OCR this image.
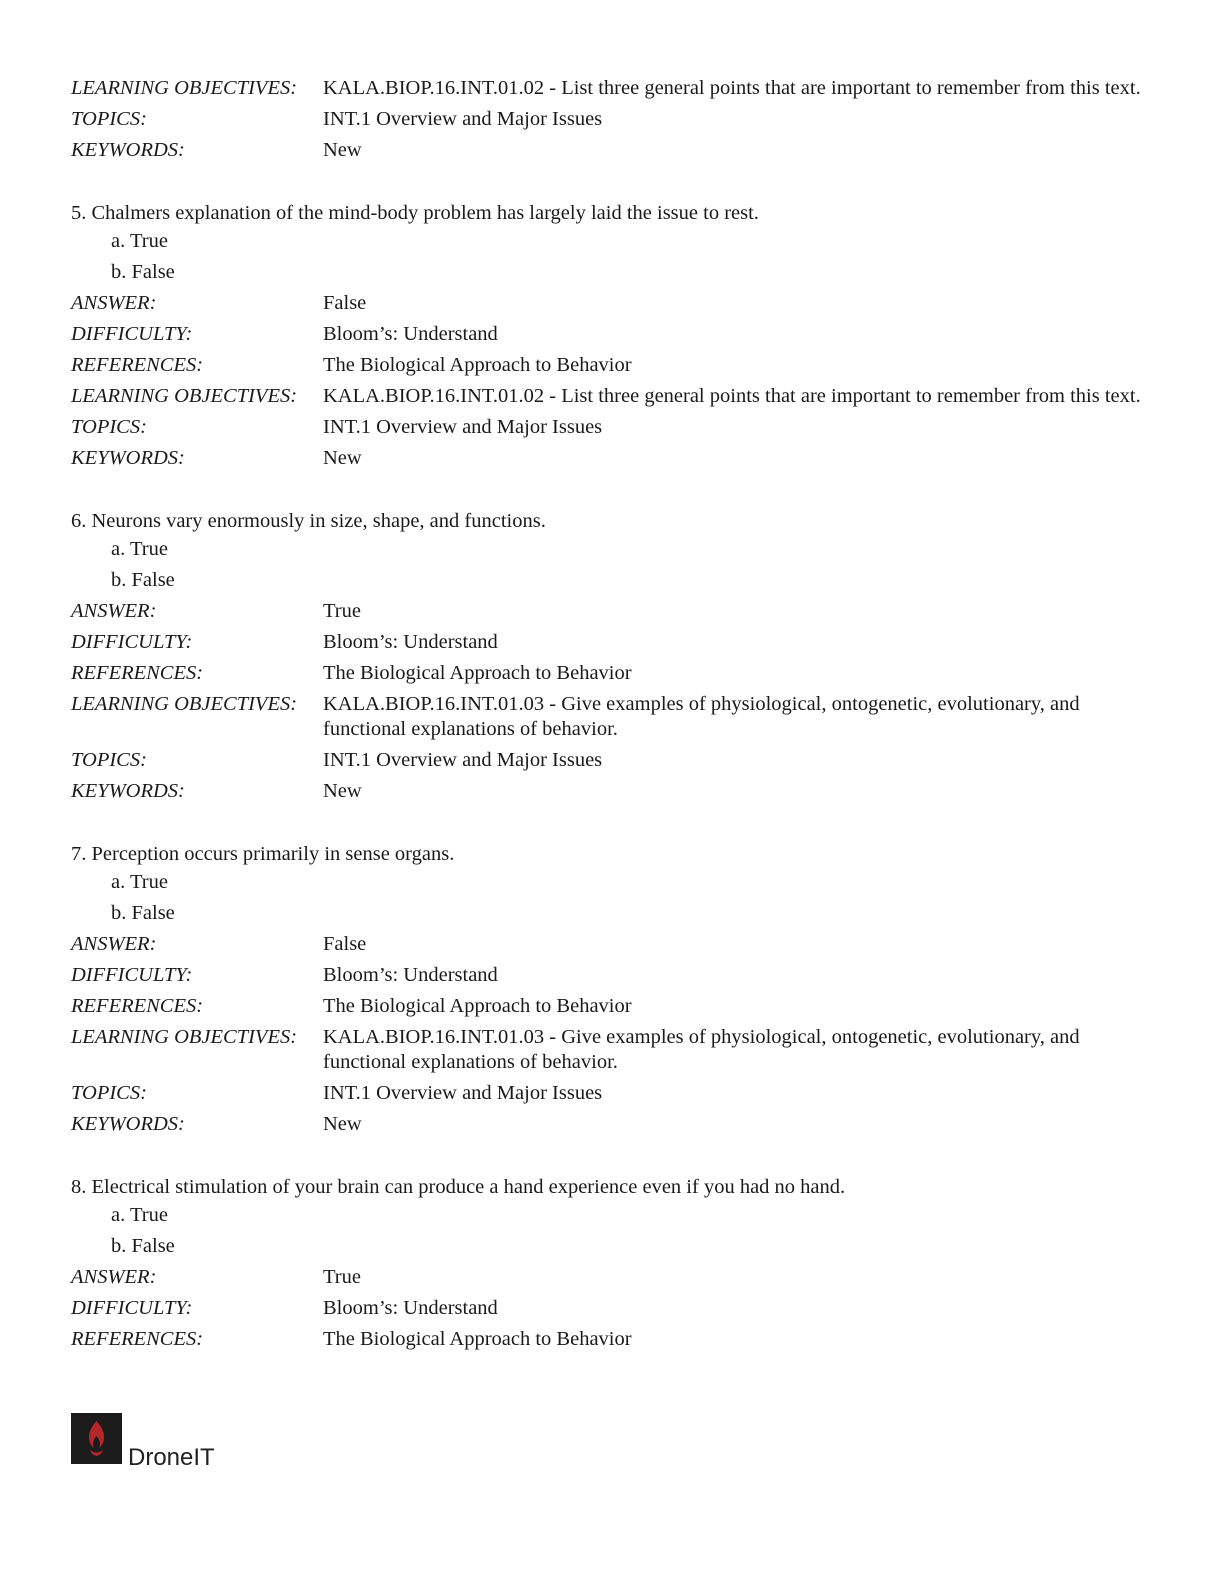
LEARNING OBJECTIVES:	KALA.BIOP.16.INT.01.02 - List three general points that are important to remember from this text.
TOPICS:	INT.1 Overview and Major Issues
KEYWORDS:	New
5. Chalmers explanation of the mind-body problem has largely laid the issue to rest.
a. True
b. False
ANSWER:	False
DIFFICULTY:	Bloom’s: Understand
REFERENCES:	The Biological Approach to Behavior
LEARNING OBJECTIVES:	KALA.BIOP.16.INT.01.02 - List three general points that are important to remember from this text.
TOPICS:	INT.1 Overview and Major Issues
KEYWORDS:	New
6. Neurons vary enormously in size, shape, and functions.
a. True
b. False
ANSWER:	True
DIFFICULTY:	Bloom’s: Understand
REFERENCES:	The Biological Approach to Behavior
LEARNING OBJECTIVES:	KALA.BIOP.16.INT.01.03 - Give examples of physiological, ontogenetic, evolutionary, and functional explanations of behavior.
TOPICS:	INT.1 Overview and Major Issues
KEYWORDS:	New
7. Perception occurs primarily in sense organs.
a. True
b. False
ANSWER:	False
DIFFICULTY:	Bloom’s: Understand
REFERENCES:	The Biological Approach to Behavior
LEARNING OBJECTIVES:	KALA.BIOP.16.INT.01.03 - Give examples of physiological, ontogenetic, evolutionary, and functional explanations of behavior.
TOPICS:	INT.1 Overview and Major Issues
KEYWORDS:	New
8. Electrical stimulation of your brain can produce a hand experience even if you had no hand.
a. True
b. False
ANSWER:	True
DIFFICULTY:	Bloom’s: Understand
REFERENCES:	The Biological Approach to Behavior
DroneIT
